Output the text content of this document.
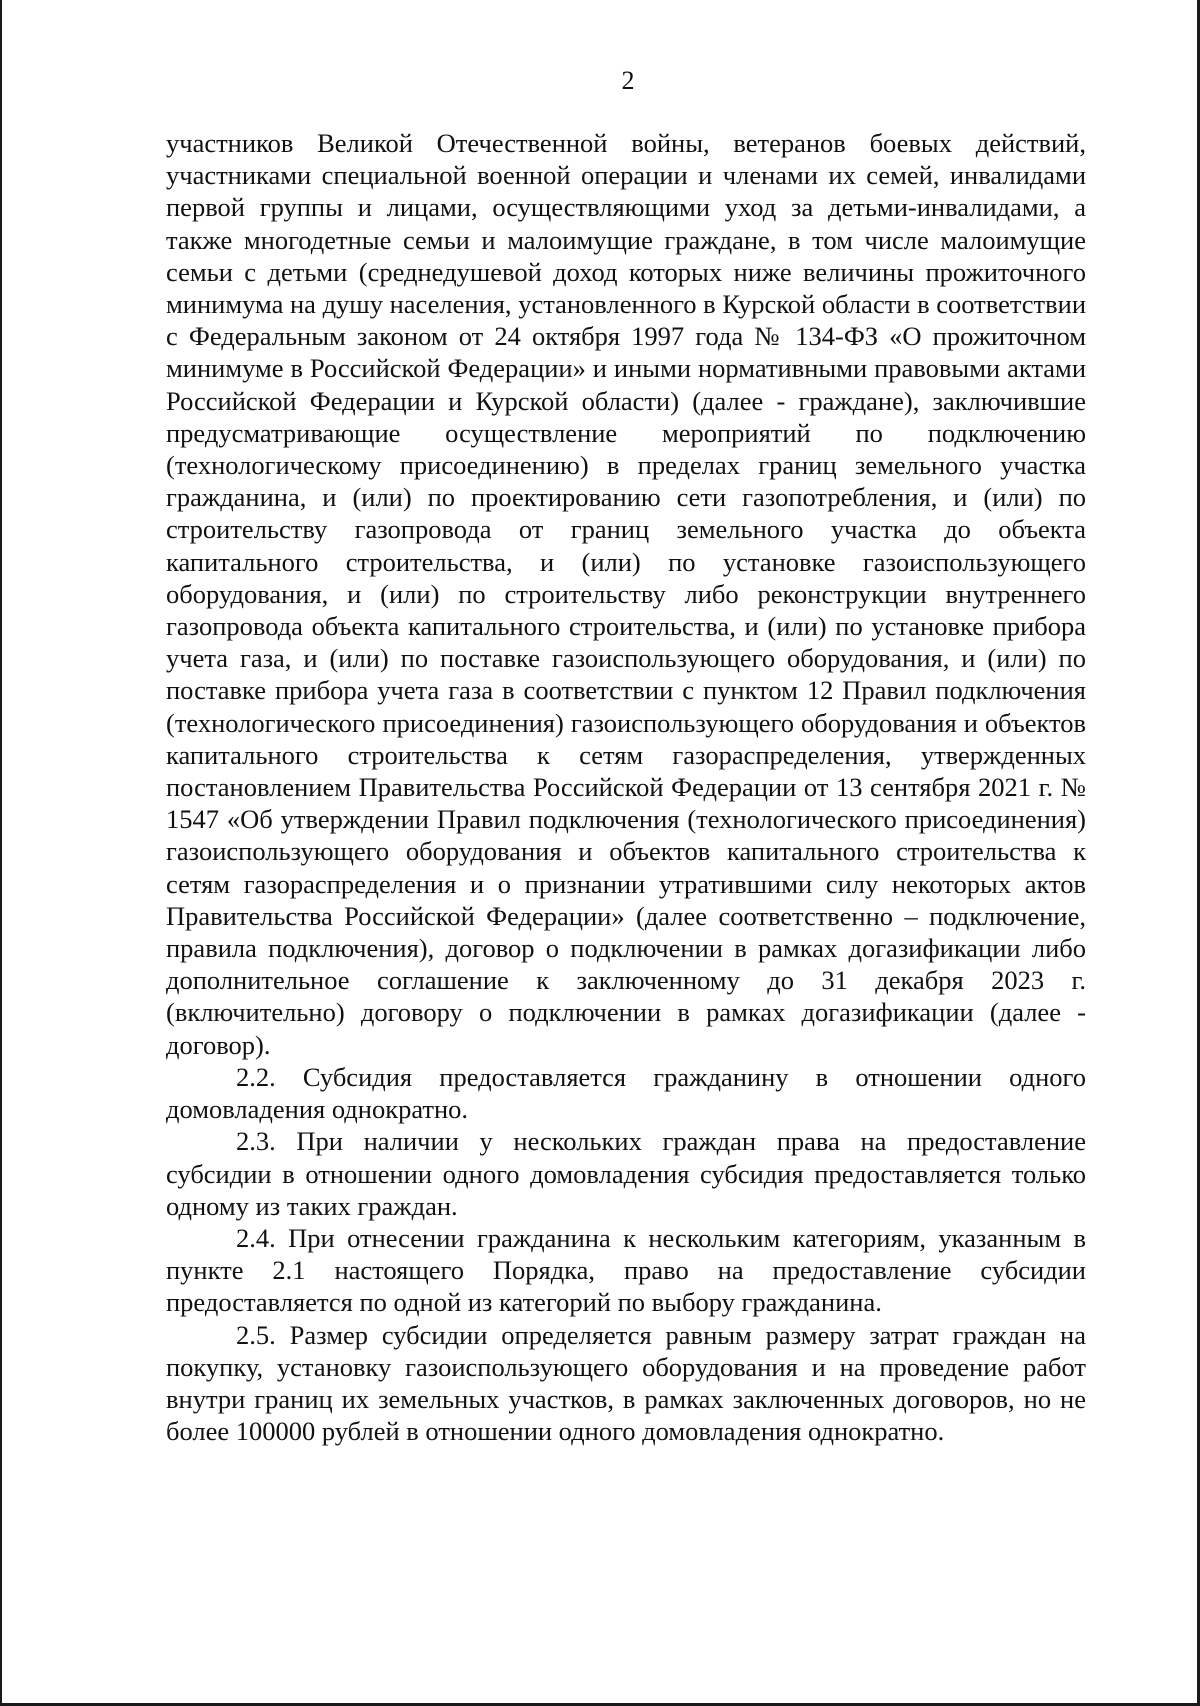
2

участников Великой Отечественной войны, ветеранов боевых действий, участниками специальной военной операции и членами их семей, инвалидами первой группы и лицами, осуществляющими уход за детьми-инвалидами, а также многодетные семьи и малоимущие граждане, в том числе малоимущие семьи с детьми (среднедушевой доход которых ниже величины прожиточного минимума на душу населения, установленного в Курской области в соответствии с Федеральным законом от 24 октября 1997 года № 134-ФЗ «О прожиточном минимуме в Российской Федерации» и иными нормативными правовыми актами Российской Федерации и Курской области) (далее - граждане), заключившие предусматривающие осуществление мероприятий по подключению (технологическому присоединению) в пределах границ земельного участка гражданина, и (или) по проектированию сети газопотребления, и (или) по строительству газопровода от границ земельного участка до объекта капитального строительства, и (или) по установке газоиспользующего оборудования, и (или) по строительству либо реконструкции внутреннего газопровода объекта капитального строительства, и (или) по установке прибора учета газа, и (или) по поставке газоиспользующего оборудования, и (или) по поставке прибора учета газа в соответствии с пунктом 12 Правил подключения (технологического присоединения) газоиспользующего оборудования и объектов капитального строительства к сетям газораспределения, утвержденных постановлением Правительства Российской Федерации от 13 сентября 2021 г. № 1547 «Об утверждении Правил подключения (технологического присоединения) газоиспользующего оборудования и объектов капитального строительства к сетям газораспределения и о признании утратившими силу некоторых актов Правительства Российской Федерации» (далее соответственно – подключение, правила подключения), договор о подключении в рамках догазификации либо дополнительное соглашение к заключенному до 31 декабря 2023 г. (включительно) договору о подключении в рамках догазификации (далее - договор).

2.2. Субсидия предоставляется гражданину в отношении одного домовладения однократно.

2.3. При наличии у нескольких граждан права на предоставление субсидии в отношении одного домовладения субсидия предоставляется только одному из таких граждан.

2.4. При отнесении гражданина к нескольким категориям, указанным в пункте 2.1 настоящего Порядка, право на предоставление субсидии предоставляется по одной из категорий по выбору гражданина.

2.5. Размер субсидии определяется равным размеру затрат граждан на покупку, установку газоиспользующего оборудования и на проведение работ внутри границ их земельных участков, в рамках заключенных договоров, но не более 100000 рублей в отношении одного домовладения однократно.
